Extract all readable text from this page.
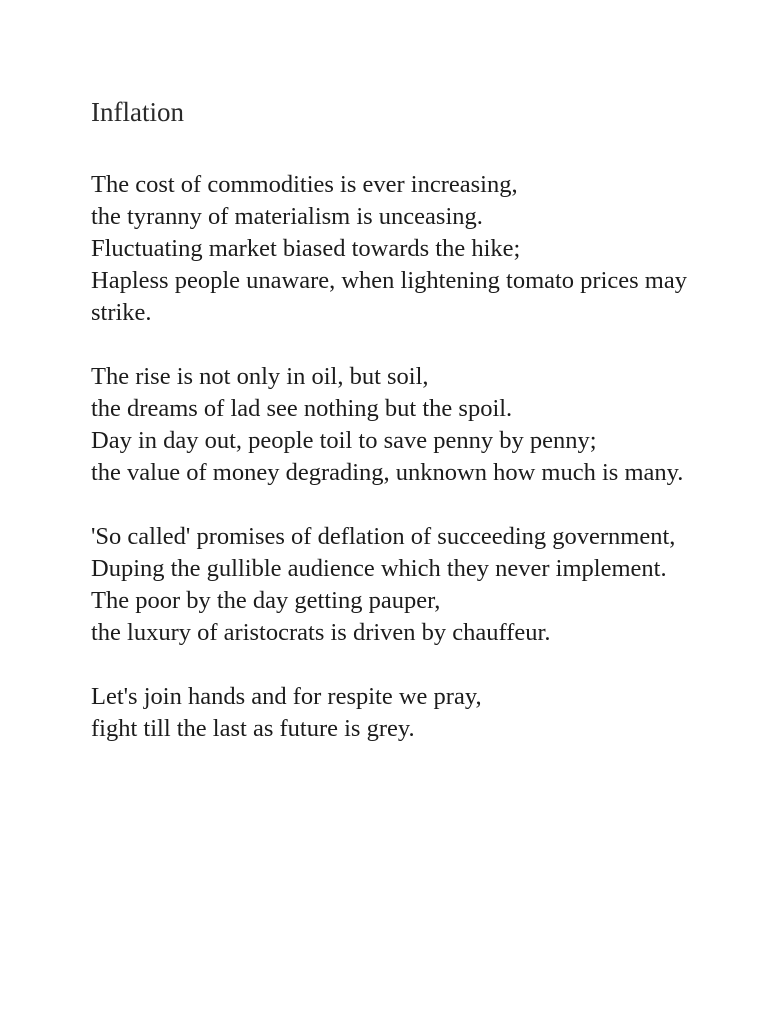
Inflation
The cost of commodities is ever increasing,
the tyranny of materialism is unceasing.
Fluctuating market biased towards the hike;
Hapless people unaware, when lightening tomato prices may strike.
The rise is not only in oil, but soil,
the dreams of lad see nothing but the spoil.
Day in day out, people toil to save penny by penny;
the value of money degrading, unknown how much is many.
'So called' promises of deflation of succeeding government,
Duping the gullible audience which they never implement.
The poor by the day getting pauper,
the luxury of aristocrats is driven by chauffeur.
Let's join hands and for respite we pray,
fight till the last as future is grey.
